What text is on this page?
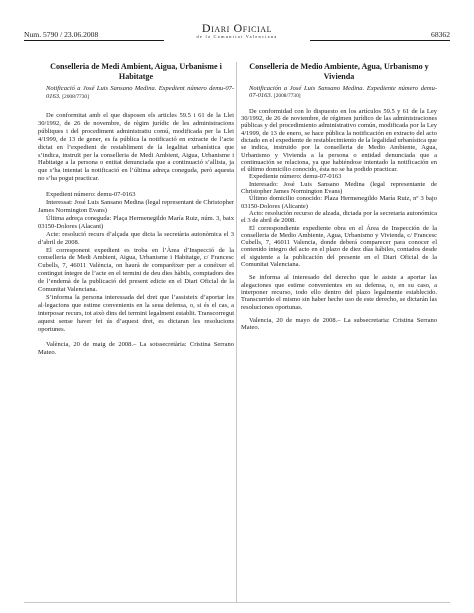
Num. 5790 / 23.06.2008	Diari Oficial
de la Comunitat Valenciana	68362
Conselleria de Medi Ambient, Aigua, Urbanisme i Habitatge
Notificació a José Luis Sansano Medina. Expedient número demu-07-0163. [2008/7730]

De conformitat amb el que disposen els articles 59.5 i 61 de la Llei 30/1992, de 26 de novembre, de règim jurídic de les administracions públiques i del procediment administratiu comú, modificada per la Llei 4/1999, de 13 de gener, es fa pública la notificació en extracte de l’acte dictat en l’expedient de restabliment de la legalitat urbanística que s’indica, instruït per la conselleria de Medi Ambient, Aigua, Urbanisme i Habitatge a la persona o entitat denunciada que a continuació s’allista, ja que s’ha intentat la notificació en l’última adreça coneguda, però aquesta no s’ha pogut practicar.

Expedient número: demu-07-0163

Interessat: José Luis Sansano Medina (legal representant de Christopher James Normington Evans)

Última adreça coneguda: Plaça Hermenegildo María Ruiz, núm. 3, baix 03150-Dolores (Alacant)

Acte: resolució recurs d’alçada que dicta la secretària autonòmica el 3 d’abril de 2008.

El corresponent expedient es troba en l’Àrea d’Inspecció de la conselleria de Medi Ambient, Aigua, Urbanisme i Habitatge, c/ Francesc Cubells, 7, 46011 València, on haurà de comparéixer per a conéixer el contingut íntegre de l’acte en el termini de deu dies hàbils, comptadors des de l’endemà de la publicació del present edicte en el Diari Oficial de la Comunitat Valenciana.

S’informa la persona interessada del dret que l’assisteix d’aportar les al·legacions que estime convenients en la seua defensa, o, si és el cas, a interposar recurs, tot això dins del termini legalment establit. Transcorregut aquest sense haver fet ús d’aquest dret, es dictaran les resolucions oportunes.

València, 20 de maig de 2008.– La sotssecretària: Cristina Serrano Mateo.

Conselleria de Medio Ambiente, Agua, Urbanismo y Vivienda
Notificación a José Luis Sansano Medina. Expediente número demu-07-0163. [2008/7730]

De conformidad con lo dispuesto en los artículos 59.5 y 61 de la Ley 30/1992, de 26 de noviembre, de régimen jurídico de las administraciones públicas y del procedimiento administrativo común, modificada por la Ley 4/1999, de 13 de enero, se hace pública la notificación en extracto del acto dictado en el expediente de restablecimiento de la legalidad urbanística que se indica, instruido por la conselleria de Medio Ambiente, Agua, Urbanismo y Vivienda a la persona o entidad denunciada que a continuación se relaciona, ya que habiéndose intentado la notificación en el último domicilio conocido, ésta no se ha podido practicar.

Expediente número: demu-07-0163

Interesado: José Luis Sansano Medina (legal representante de Christopher James Normington Evans)

Último domicilio conocido: Plaza Hermenegildo María Ruiz, nº 3 bajo 03150-Dolores (Alicante)

Acto: resolución recurso de alzada, dictada por la secretaria autonómica el 3 de abril de 2008.

El correspondiente expediente obra en el Área de Inspección de la conselleria de Medio Ambiente, Agua, Urbanismo y Vivienda, c/ Francesc Cubells, 7, 46011 Valencia, donde deberá comparecer para conocer el contenido íntegro del acto en el plazo de diez días hábiles, contados desde el siguiente a la publicación del presente en el Diari Oficial de la Comunitat Valenciana.

Se informa al interesado del derecho que le asiste a aportar las alegaciones que estime convenientes en su defensa, o, en su caso, a interponer recurso, todo ello dentro del plazo legalmente establecido. Transcurrido el mismo sin haber hecho uso de este derecho, se dictarán las resoluciones oportunas.

Valencia, 20 de mayo de 2008.– La subsecretaria: Cristina Serrano Mateo.
